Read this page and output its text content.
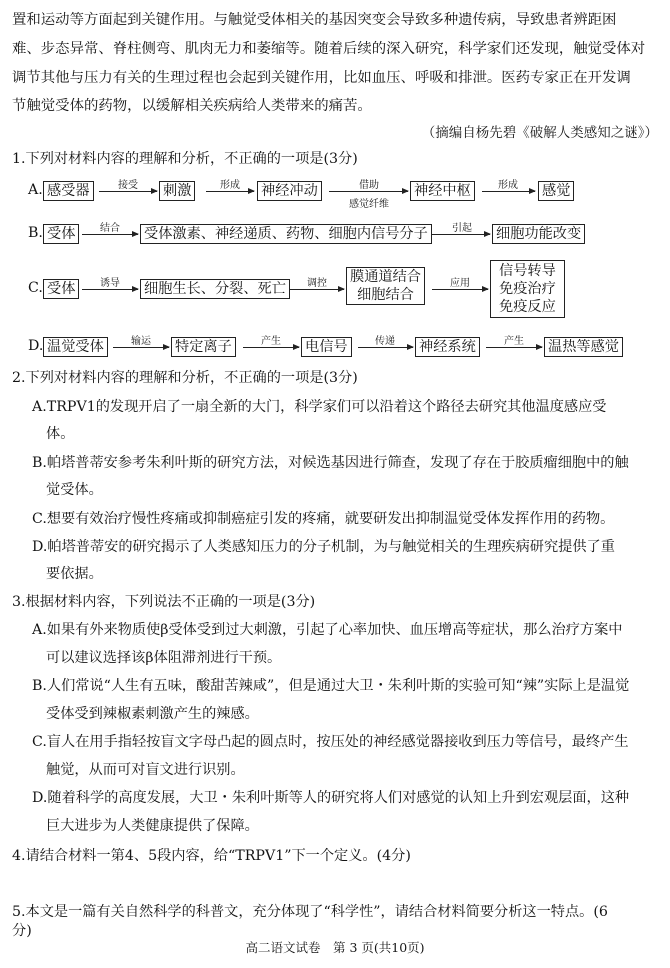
置和运动等方面起到关键作用。与触觉受体相关的基因突变会导致多种遗传病，导致患者辨距困
难、步态异常、脊柱侧弯、肌肉无力和萎缩等。随着后续的深入研究，科学家们还发现，触觉受体对
调节其他与压力有关的生理过程也会起到关键作用，比如血压、呼吸和排泄。医药专家正在开发调
节触觉受体的药物，以缓解相关疾病给人类带来的痛苦。
（摘编自杨先碧《破解人类感知之谜》）
1.下列对材料内容的理解和分析，不正确的一项是(3分)
A. 感受器	接受	刺激	形成	神经冲动	借助
感觉纤维
神经中枢	形成	感觉
B. 受体	结合	受体激素、神经递质、药物、细胞内信号分子	引起	细胞功能改变
C. 受体	诱导	细胞生长、分裂、死亡	调控	膜通道结合
细胞结合
应用
信号转导
免疫治疗
免疫反应
D. 温觉受体	输运	特定离子	产生	电信号	传递	神经系统	产生	温热等感觉
2.下列对材料内容的理解和分析，不正确的一项是(3分)
A.TRPV1的发现开启了一扇全新的大门，科学家们可以沿着这个路径去研究其他温度感应受
体。
B.帕塔普蒂安参考朱利叶斯的研究方法，对候选基因进行筛查，发现了存在于胶质瘤细胞中的触
觉受体。
C.想要有效治疗慢性疼痛或抑制癌症引发的疼痛，就要研发出抑制温觉受体发挥作用的药物。
D.帕塔普蒂安的研究揭示了人类感知压力的分子机制，为与触觉相关的生理疾病研究提供了重
要依据。
3.根据材料内容，下列说法不正确的一项是(3分)
A.如果有外来物质使β受体受到过大刺激，引起了心率加快、血压增高等症状，那么治疗方案中
可以建议选择该β体阻滞剂进行干预。
B.人们常说“人生有五味，酸甜苦辣咸”，但是通过大卫・朱利叶斯的实验可知“辣”实际上是温觉
受体受到辣椒素刺激产生的辣感。
C.盲人在用手指轻按盲文字母凸起的圆点时，按压处的神经感觉器接收到压力等信号，最终产生
触觉，从而可对盲文进行识别。
D.随着科学的高度发展，大卫・朱利叶斯等人的研究将人们对感觉的认知上升到宏观层面，这种
巨大进步为人类健康提供了保障。
4.请结合材料一第4、5段内容，给“TRPV1”下一个定义。(4分)
5.本文是一篇有关自然科学的科普文，充分体现了“科学性”，请结合材料简要分析这一特点。(6
分)
高二语文试卷　第 3 页(共10页)
